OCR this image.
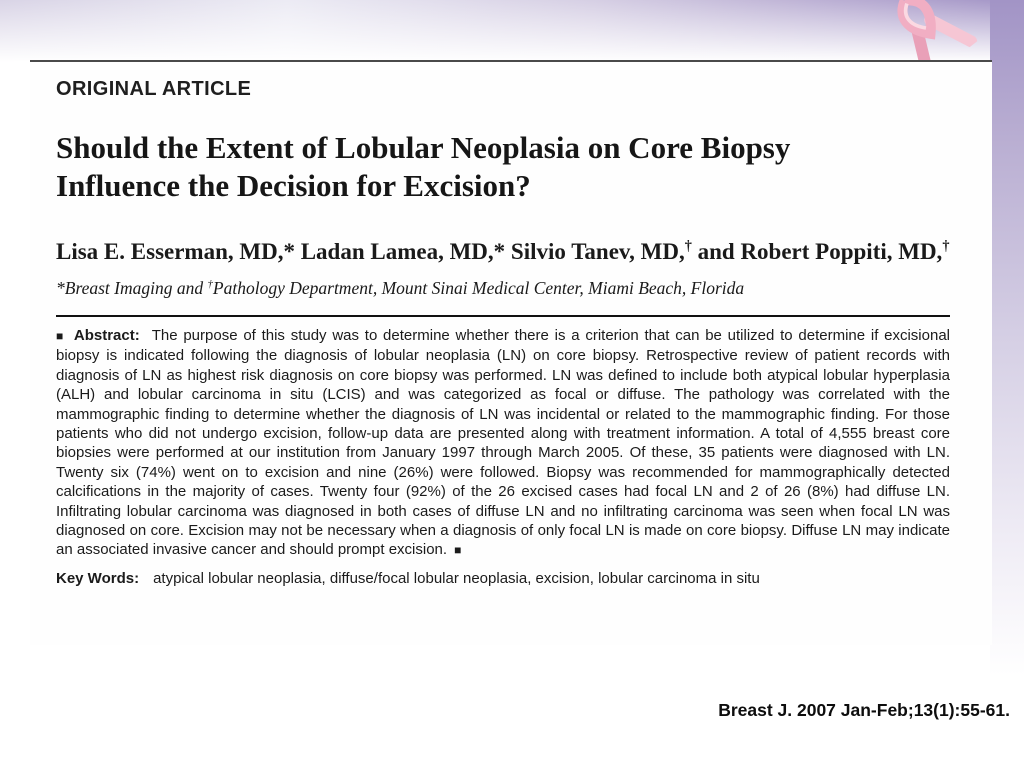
ORIGINAL ARTICLE
Should the Extent of Lobular Neoplasia on Core Biopsy
Influence the Decision for Excision?

Lisa E. Esserman, MD,* Ladan Lamea, MD,* Silvio Tanev, MD,† and Robert Poppiti, MD,†

*Breast Imaging and †Pathology Department, Mount Sinai Medical Center, Miami Beach, Florida

■ Abstract: The purpose of this study was to determine whether there is a criterion that can be utilized to determine if excisional biopsy is indicated following the diagnosis of lobular neoplasia (LN) on core biopsy. Retrospective review of patient records with diagnosis of LN as highest risk diagnosis on core biopsy was performed. LN was defined to include both atypical lobular hyperplasia (ALH) and lobular carcinoma in situ (LCIS) and was categorized as focal or diffuse. The pathology was correlated with the mammographic finding to determine whether the diagnosis of LN was incidental or related to the mammographic finding. For those patients who did not undergo excision, follow-up data are presented along with treatment information. A total of 4,555 breast core biopsies were performed at our institution from January 1997 through March 2005. Of these, 35 patients were diagnosed with LN. Twenty six (74%) went on to excision and nine (26%) were followed. Biopsy was recommended for mammographically detected calcifications in the majority of cases. Twenty four (92%) of the 26 excised cases had focal LN and 2 of 26 (8%) had diffuse LN. Infiltrating lobular carcinoma was diagnosed in both cases of diffuse LN and no infiltrating carcinoma was seen when focal LN was diagnosed on core. Excision may not be necessary when a diagnosis of only focal LN is made on core biopsy. Diffuse LN may indicate an associated invasive cancer and should prompt excision. ■

Key Words: atypical lobular neoplasia, diffuse/focal lobular neoplasia, excision, lobular carcinoma in situ

Breast J. 2007 Jan-Feb;13(1):55-61.
